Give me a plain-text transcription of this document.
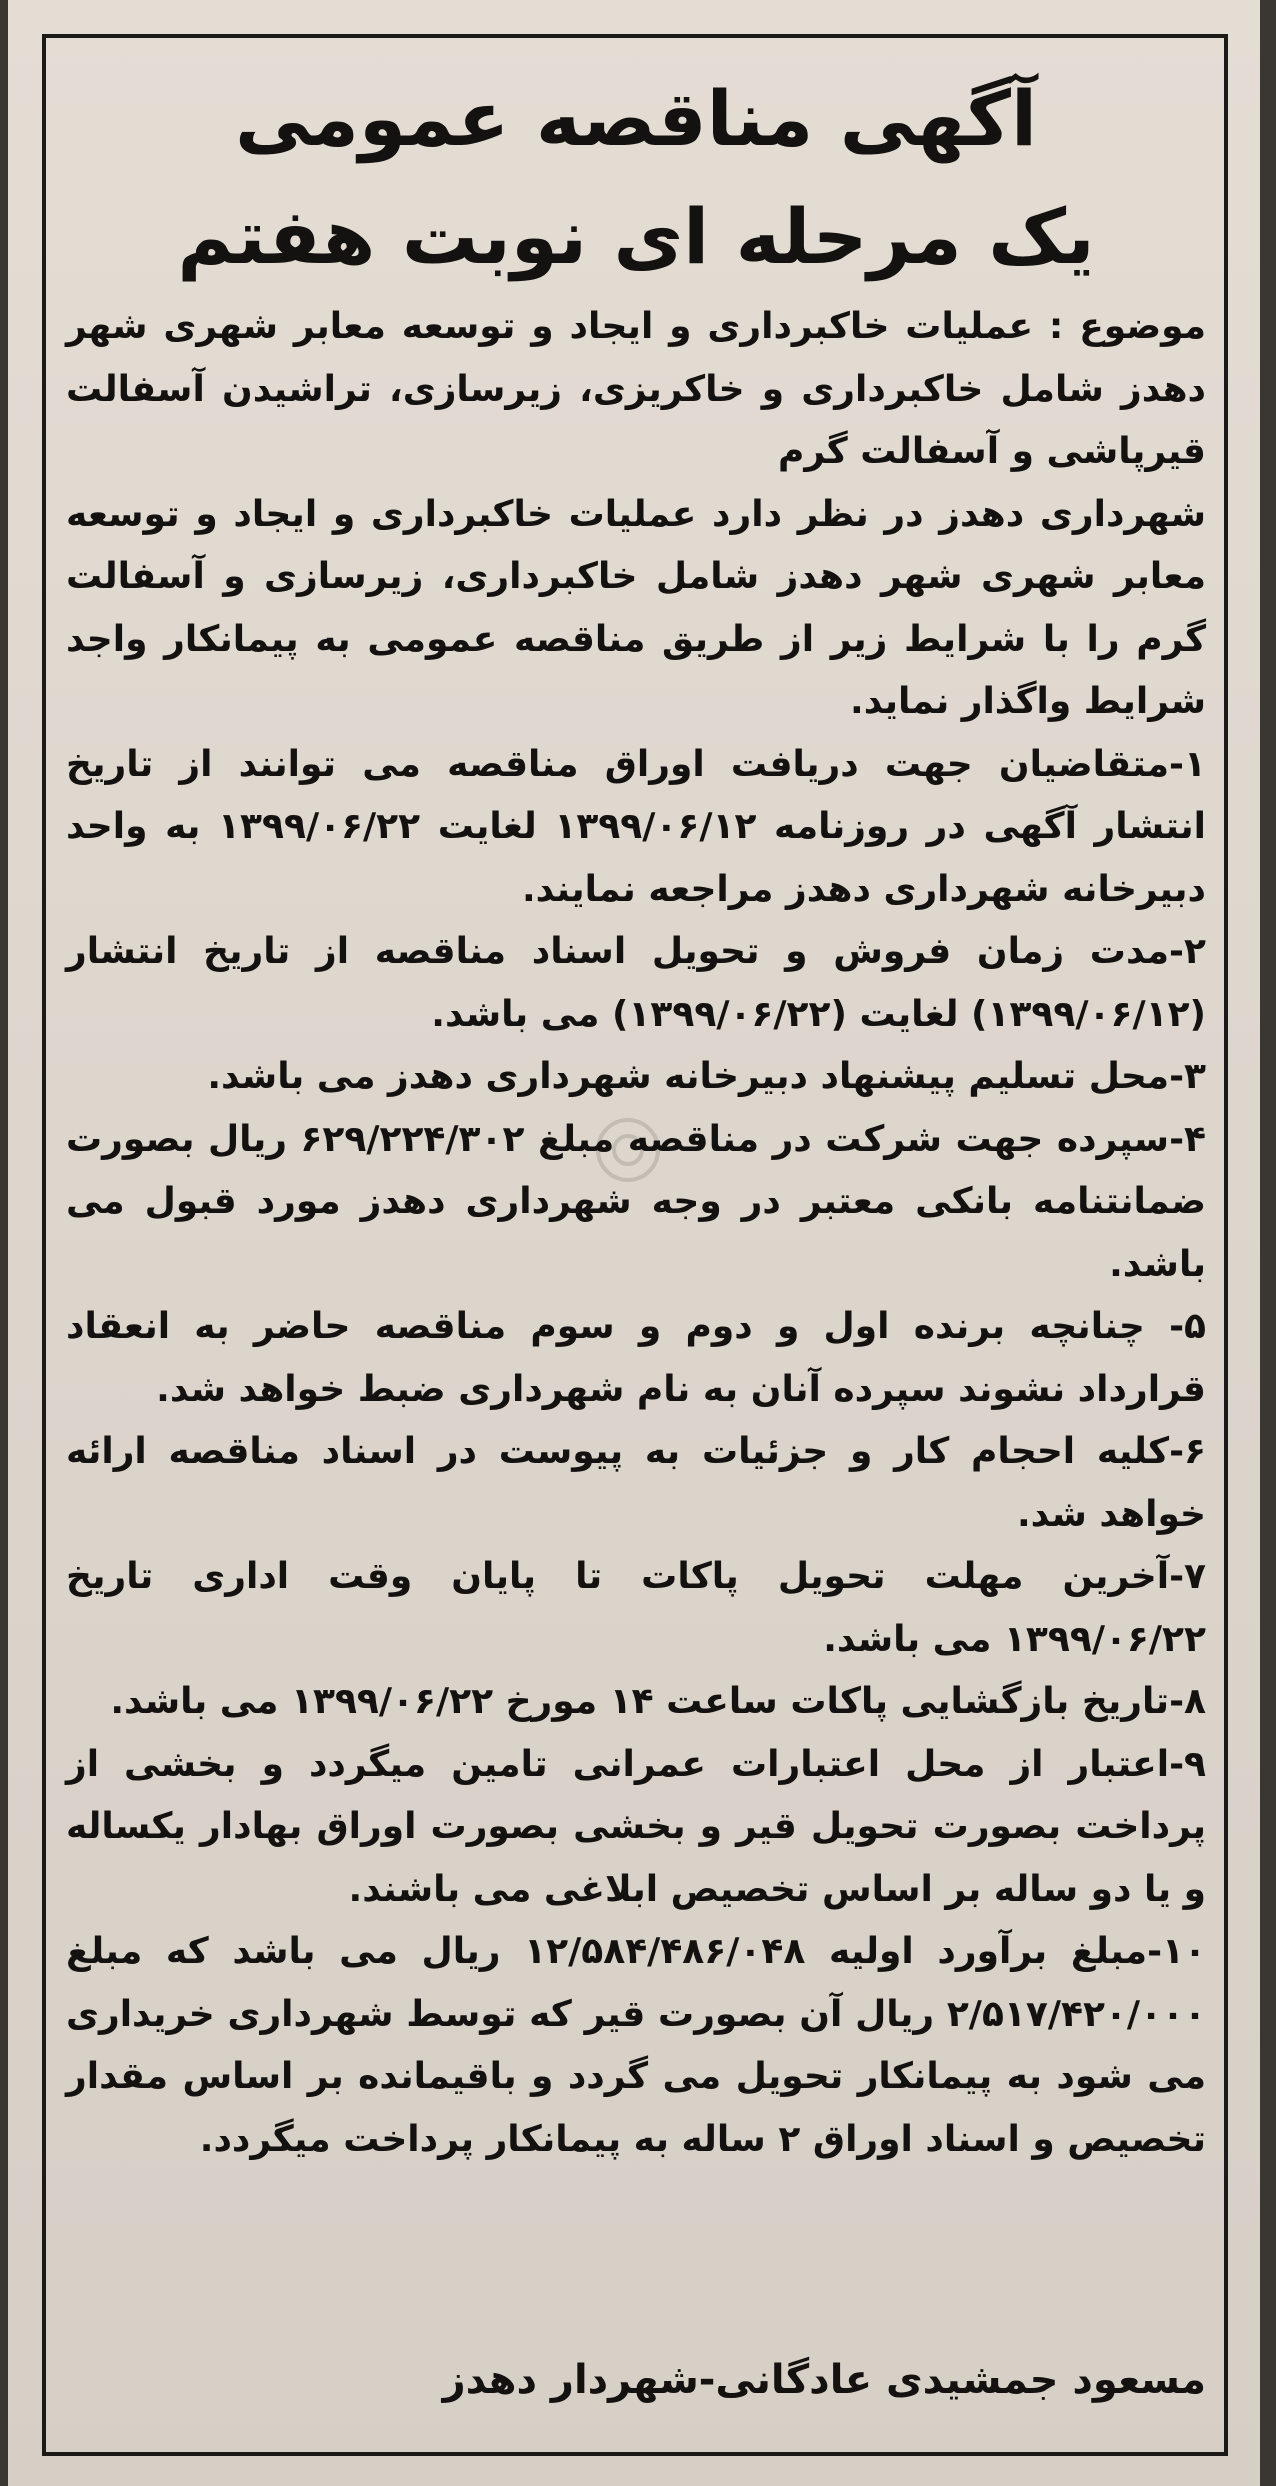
آگهی مناقصه عمومی
یک مرحله ای نوبت هفتم

موضوع : عملیات خاکبرداری و ایجاد و توسعه معابر شهری شهر دهدز شامل خاکبرداری و خاکریزی، زیرسازی، تراشیدن آسفالت قیرپاشی و آسفالت گرم

شهرداری دهدز در نظر دارد عملیات خاکبرداری و ایجاد و توسعه معابر شهری شهر دهدز شامل خاکبرداری، زیرسازی و آسفالت گرم را با شرایط زیر از طریق مناقصه عمومی به پیمانکار واجد شرایط واگذار نماید.

۱-متقاضیان جهت دریافت اوراق مناقصه می توانند از تاریخ انتشار آگهی در روزنامه ۱۳۹۹/۰۶/۱۲ لغایت ۱۳۹۹/۰۶/۲۲ به واحد دبیرخانه شهرداری دهدز مراجعه نمایند.

۲-مدت زمان فروش و تحویل اسناد مناقصه از تاریخ انتشار (۱۳۹۹/۰۶/۱۲) لغایت (۱۳۹۹/۰۶/۲۲) می باشد.

۳-محل تسلیم پیشنهاد دبیرخانه شهرداری دهدز می باشد.

۴-سپرده جهت شرکت در مناقصه مبلغ ۶۲۹/۲۲۴/۳۰۲ ریال بصورت ضمانتنامه بانکی معتبر در وجه شهرداری دهدز مورد قبول می باشد.

۵- چنانچه برنده اول و دوم و سوم مناقصه حاضر به انعقاد قرارداد نشوند سپرده آنان به نام شهرداری ضبط خواهد شد.

۶-کلیه احجام کار و جزئیات به پیوست در اسناد مناقصه ارائه خواهد شد.

۷-آخرین مهلت تحویل پاکات تا پایان وقت اداری تاریخ ۱۳۹۹/۰۶/۲۲ می باشد.

۸-تاریخ بازگشایی پاکات ساعت ۱۴ مورخ ۱۳۹۹/۰۶/۲۲ می باشد.

۹-اعتبار از محل اعتبارات عمرانی تامین میگردد و بخشی از پرداخت بصورت تحویل قیر و بخشی بصورت اوراق بهادار یکساله و یا دو ساله بر اساس تخصیص ابلاغی می باشند.

۱۰-مبلغ برآورد اولیه ۱۲/۵۸۴/۴۸۶/۰۴۸ ریال می باشد که مبلغ ۲/۵۱۷/۴۲۰/۰۰۰ ریال آن بصورت قیر که توسط شهرداری خریداری می شود به پیمانکار تحویل می گردد و باقیمانده بر اساس مقدار تخصیص و اسناد اوراق ۲ ساله به پیمانکار پرداخت میگردد.

مسعود جمشیدی عادگانی-شهردار دهدز
